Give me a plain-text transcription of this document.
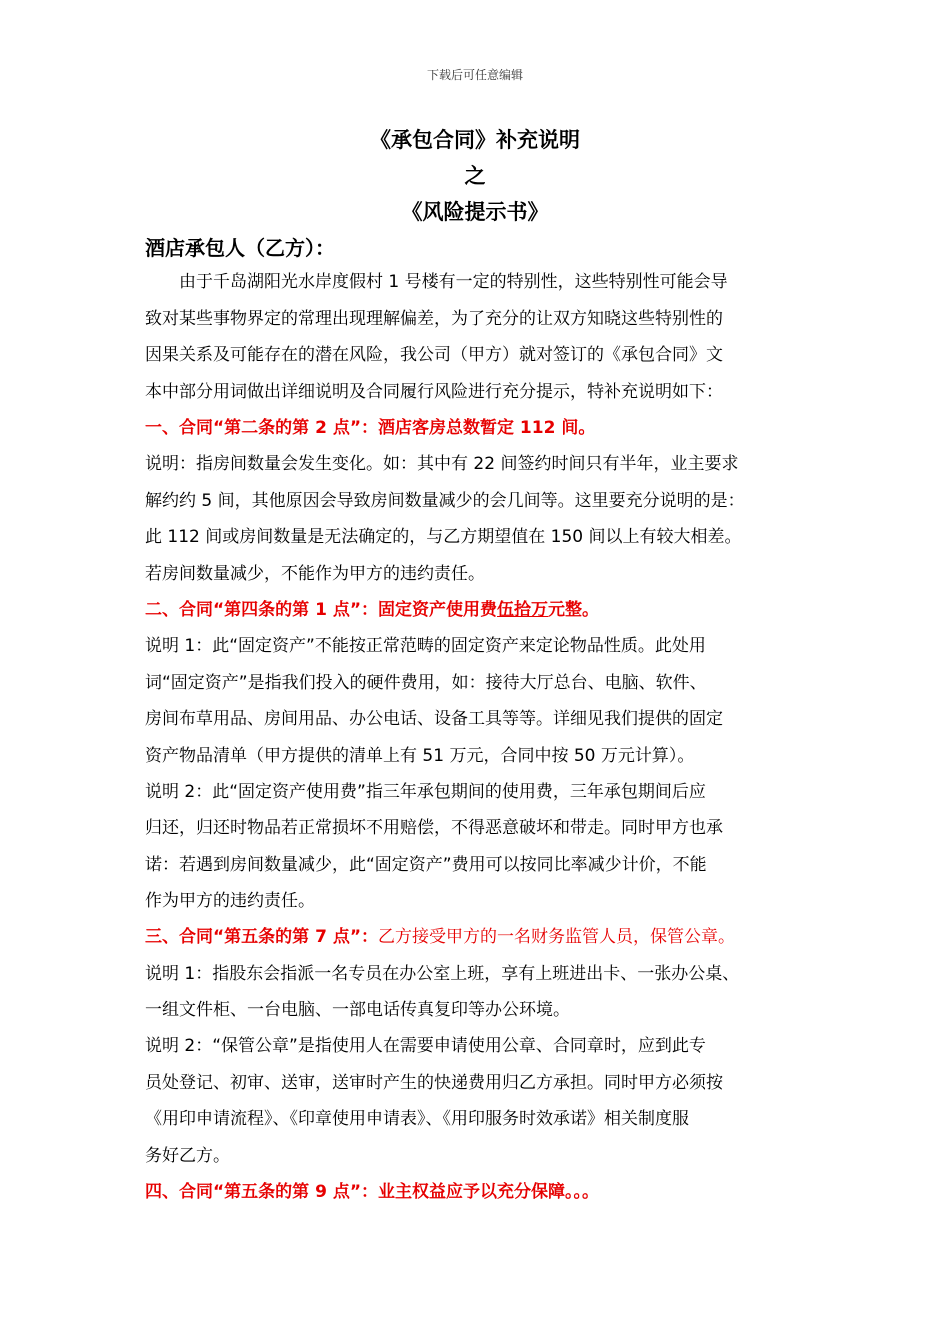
下载后可任意编辑
《承包合同》补充说明
之
《风险提示书》
酒店承包人（乙方）：
　　由于千岛湖阳光水岸度假村 1 号楼有一定的特别性，这些特别性可能会导
致对某些事物界定的常理出现理解偏差，为了充分的让双方知晓这些特别性的
因果关系及可能存在的潜在风险，我公司（甲方）就对签订的《承包合同》文
本中部分用词做出详细说明及合同履行风险进行充分提示，特补充说明如下：
一、合同“第二条的第 2 点”：酒店客房总数暂定 112 间。
说明：指房间数量会发生变化。如：其中有 22 间签约时间只有半年，业主要求
解约约 5 间，其他原因会导致房间数量减少的会几间等。这里要充分说明的是：
此 112 间或房间数量是无法确定的，与乙方期望值在 150 间以上有较大相差。
若房间数量减少，不能作为甲方的违约责任。
二、合同“第四条的第 1 点”：固定资产使用费伍拾万元整。
说明 1：此“固定资产”不能按正常范畴的固定资产来定论物品性质。此处用
词“固定资产”是指我们投入的硬件费用，如：接待大厅总台、电脑、软件、
房间布草用品、房间用品、办公电话、设备工具等等。详细见我们提供的固定
资产物品清单（甲方提供的清单上有 51 万元，合同中按 50 万元计算）。
说明 2：此“固定资产使用费”指三年承包期间的使用费，三年承包期间后应
归还，归还时物品若正常损坏不用赔偿，不得恶意破坏和带走。同时甲方也承
诺：若遇到房间数量减少，此“固定资产”费用可以按同比率减少计价，不能
作为甲方的违约责任。
三、合同“第五条的第 7 点”：乙方接受甲方的一名财务监管人员，保管公章。
说明 1：指股东会指派一名专员在办公室上班，享有上班进出卡、一张办公桌、
一组文件柜、一台电脑、一部电话传真复印等办公环境。
说明 2：“保管公章”是指使用人在需要申请使用公章、合同章时，应到此专
员处登记、初审、送审，送审时产生的快递费用归乙方承担。同时甲方必须按
《用印申请流程》、《印章使用申请表》、《用印服务时效承诺》相关制度服
务好乙方。
四、合同“第五条的第 9 点”：业主权益应予以充分保障。。。
